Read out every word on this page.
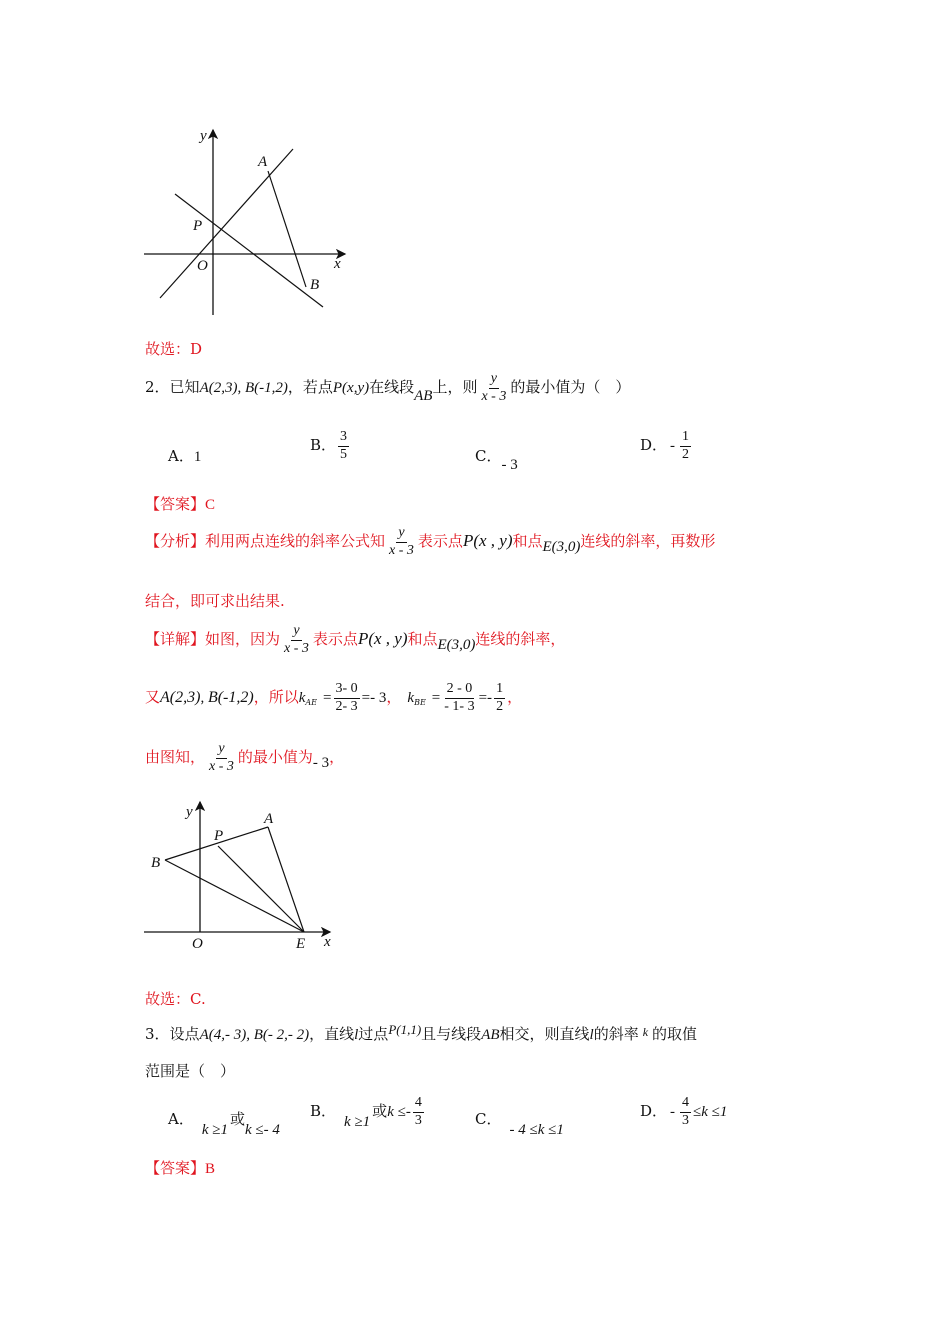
y
x
A
P
O
B
故选：D
2．已知A(2,3), B(-1,2)，若点P(x,y)在线段AB上，则 $\frac{y}{x - 3}$ 的最小值为（　）
A．1
B． $\frac{3}{5}$	C．- 3
D． - $\frac{1}{2}$
【答案】C
【分析】利用两点连线的斜率公式知 $\frac{y}{x - 3}$ 表示点P(x , y)和点E(3,0)连线的斜率，再数形
结合，即可求出结果.
【详解】如图，因为 $\frac{y}{x - 3}$ 表示点P(x , y)和点E(3,0)连线的斜率，
又A(2,3), B(-1,2)，所以$k_{AE} = \frac{3- 0}{2- 3} =- 3$， $k_{BE} = \frac{2 - 0}{- 1- 3} =- \frac{1}{2}$ ，
由图知， $\frac{y}{x - 3}$ 的最小值为- 3，
y
x
A
P
B
O	E
故选：C.
3．设点A(4,- 3), B(- 2,- 2)，直线l过点P(1,1)且与线段AB相交，则直线l的斜率 $^k$ 的取值
范围是（　）
A．k ≥1或k ≤- 4
B．k ≥1或$k \le- \frac{4}{3}$	C．- 4 ≤k ≤1
D． - $\frac{4}{3} \le k \le 1$
【答案】B
